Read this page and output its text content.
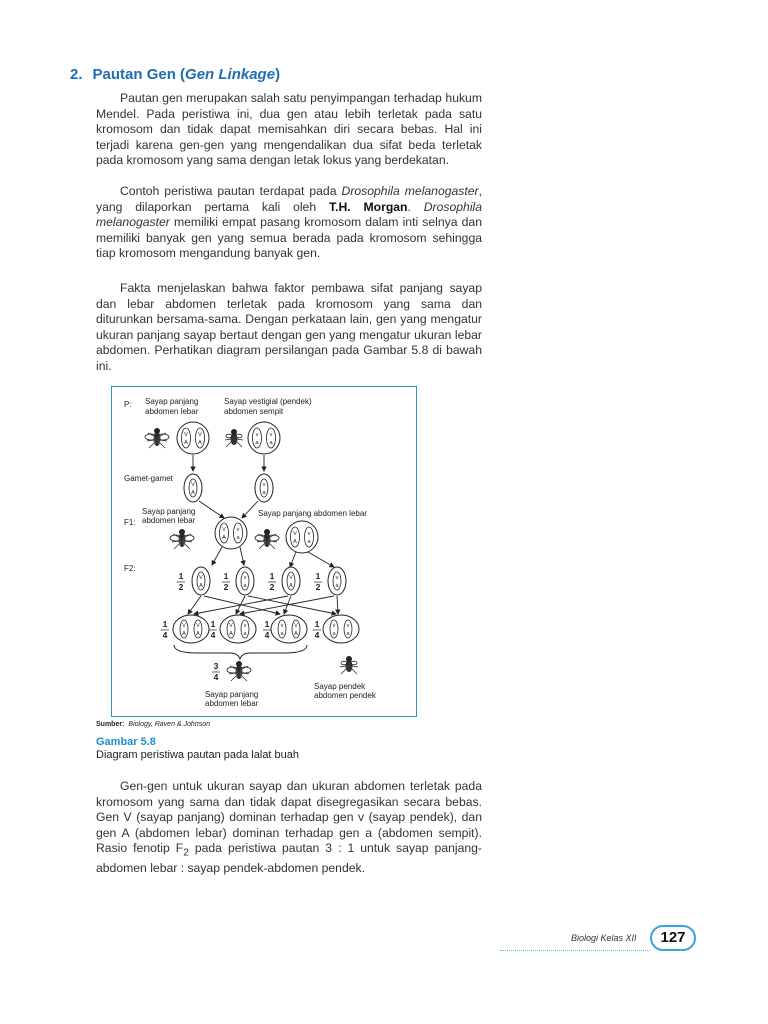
2. Pautan Gen (Gen Linkage)

Pautan gen merupakan salah satu penyimpangan terhadap hukum Mendel. Pada peristiwa ini, dua gen atau lebih terletak pada satu kromosom dan tidak dapat memisahkan diri secara bebas. Hal ini terjadi karena gen-gen yang mengendalikan dua sifat beda terletak pada kromosom yang sama dengan letak lokus yang berdekatan.

Contoh peristiwa pautan terdapat pada Drosophila melanogaster, yang dilaporkan pertama kali oleh T.H. Morgan. Drosophila melanogaster memiliki empat pasang kromosom dalam inti selnya dan memiliki banyak gen yang semua berada pada kromosom sehingga tiap kromosom mengandung banyak gen.

Fakta menjelaskan bahwa faktor pembawa sifat panjang sayap dan lebar abdomen terletak pada kromosom yang sama dan diturunkan bersama-sama. Dengan perkataan lain, gen yang mengatur ukuran panjang sayap bertaut dengan gen yang mengatur ukuran lebar abdomen. Perhatikan diagram persilangan pada Gambar 5.8 di bawah ini.

P: Sayap panjang
abdomen lebar
Sayap vestigial (pendek)
abdomen sempit
V
A
V
A
v
a
v
a
Gamet-gamet
V
A
v
a
Sayap panjang
abdomen lebar
F1:
Sayap panjang abdomen lebar
V
A
v
a
V
A
v
a
F2:
1
2
V
A
1
2
v
a
1
2
V
A
1
2
v
a
1
4
V
A
V
A
1
4
V
A
v
a
1
4
v
a
V
A
1
4
v
a
v
a
3
4
Sayap panjang
abdomen lebar
Sayap pendek
abdomen pendek
Sumber: Biology, Raven & Johnson
Gambar 5.8
Diagram peristiwa pautan pada lalat buah

Gen-gen untuk ukuran sayap dan ukuran abdomen terletak pada kromosom yang sama dan tidak dapat disegregasikan secara bebas. Gen V (sayap panjang) dominan terhadap gen v (sayap pendek), dan gen A (abdomen lebar) dominan terhadap gen a (abdomen sempit). Rasio fenotip $F_2$ pada peristiwa pautan 3 : 1 untuk sayap panjang-abdomen lebar : sayap pendek-abdomen pendek.

Biologi Kelas XII	127
